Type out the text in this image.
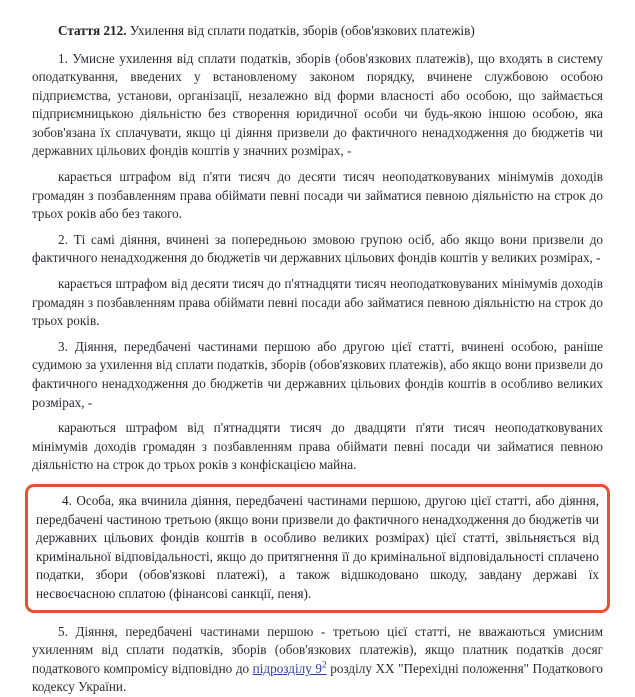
Стаття 212. Ухилення від сплати податків, зборів (обов'язкових платежів)

1. Умисне ухилення від сплати податків, зборів (обов'язкових платежів), що входять в систему оподаткування, введених у встановленому законом порядку, вчинене службовою особою підприємства, установи, організації, незалежно від форми власності або особою, що займається підприємницькою діяльністю без створення юридичної особи чи будь-якою іншою особою, яка зобов'язана їх сплачувати, якщо ці діяння призвели до фактичного ненадходження до бюджетів чи державних цільових фондів коштів у значних розмірах, -

карається штрафом від п'яти тисяч до десяти тисяч неоподатковуваних мінімумів доходів громадян з позбавленням права обіймати певні посади чи займатися певною діяльністю на строк до трьох років або без такого.

2. Ті самі діяння, вчинені за попередньою змовою групою осіб, або якщо вони призвели до фактичного ненадходження до бюджетів чи державних цільових фондів коштів у великих розмірах, -

карається штрафом від десяти тисяч до п'ятнадцяти тисяч неоподатковуваних мінімумів доходів громадян з позбавленням права обіймати певні посади або займатися певною діяльністю на строк до трьох років.

3. Діяння, передбачені частинами першою або другою цієї статті, вчинені особою, раніше судимою за ухилення від сплати податків, зборів (обов'язкових платежів), або якщо вони призвели до фактичного ненадходження до бюджетів чи державних цільових фондів коштів в особливо великих розмірах, -

караються штрафом від п'ятнадцяти тисяч до двадцяти п'яти тисяч неоподатковуваних мінімумів доходів громадян з позбавленням права обіймати певні посади чи займатися певною діяльністю на строк до трьох років з конфіскацією майна.

4. Особа, яка вчинила діяння, передбачені частинами першою, другою цієї статті, або діяння, передбачені частиною третьою (якщо вони призвели до фактичного ненадходження до бюджетів чи державних цільових фондів коштів в особливо великих розмірах) цієї статті, звільняється від кримінальної відповідальності, якщо до притягнення її до кримінальної відповідальності сплачено податки, збори (обов'язкові платежі), а також відшкодовано шкоду, завдану державі їх несвоєчасною сплатою (фінансові санкції, пеня).

5. Діяння, передбачені частинами першою - третьою цієї статті, не вважаються умисним ухиленням від сплати податків, зборів (обов'язкових платежів), якщо платник податків досяг податкового компромісу відповідно до підрозділу 9$^2$ розділу XX "Перехідні положення" Податкового кодексу України.
